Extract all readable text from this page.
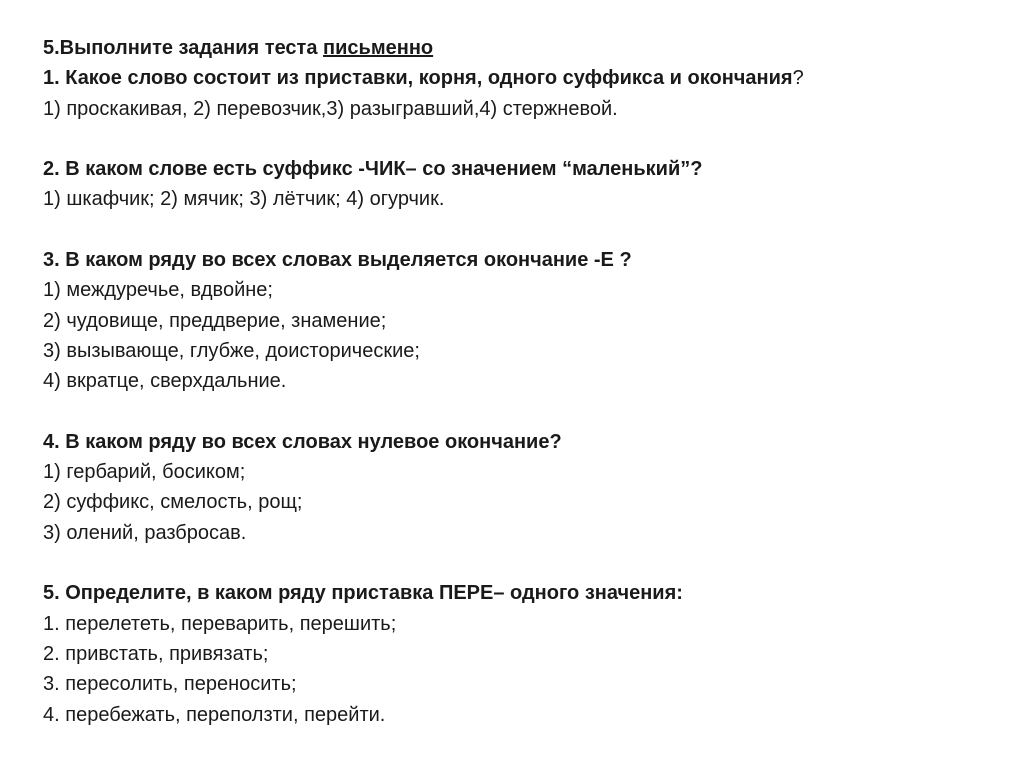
5.Выполните задания теста письменно
1. Какое слово состоит из приставки, корня, одного суффикса и окончания?
1) проскакивая, 2) перевозчик,3) разыгравший,4) стержневой.
2. В каком слове есть суффикс -ЧИК– со значением “маленький”?
1) шкафчик; 2) мячик; 3) лётчик; 4) огурчик.
3. В каком ряду во всех словах выделяется окончание -Е ?
1) междуречье, вдвойне;
2) чудовище, преддверие, знамение;
3) вызывающе, глубже, доисторические;
4) вкратце, сверхдальние.
4. В каком ряду во всех словах нулевое окончание?
1) гербарий, босиком;
2) суффикс, смелость, рощ;
3) олений, разбросав.
5. Определите, в каком ряду приставка ПЕРЕ– одного значения:
1. перелететь, переварить, перешить;
2. привстать, привязать;
3. пересолить, переносить;
4. перебежать, переползти, перейти.
